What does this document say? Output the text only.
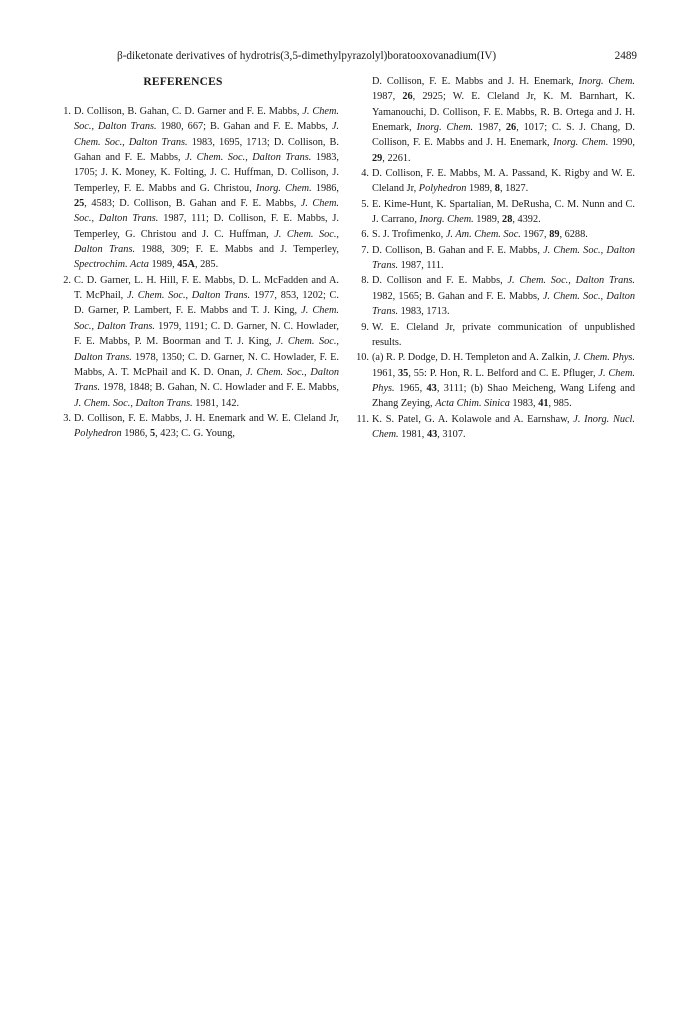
β-diketonate derivatives of hydrotris(3,5-dimethylpyrazolyl)boratooxovanadium(IV)	2489

REFERENCES

1. D. Collison, B. Gahan, C. D. Garner and F. E. Mabbs, J. Chem. Soc., Dalton Trans. 1980, 667; B. Gahan and F. E. Mabbs, J. Chem. Soc., Dalton Trans. 1983, 1695, 1713; D. Collison, B. Gahan and F. E. Mabbs, J. Chem. Soc., Dalton Trans. 1983, 1705; J. K. Money, K. Folting, J. C. Huffman, D. Collison, J. Temperley, F. E. Mabbs and G. Christou, Inorg. Chem. 1986, 25, 4583; D. Collison, B. Gahan and F. E. Mabbs, J. Chem. Soc., Dalton Trans. 1987, 111; D. Collison, F. E. Mabbs, J. Temperley, G. Christou and J. C. Huffman, J. Chem. Soc., Dalton Trans. 1988, 309; F. E. Mabbs and J. Temperley, Spectrochim. Acta 1989, 45A, 285.

2. C. D. Garner, L. H. Hill, F. E. Mabbs, D. L. McFadden and A. T. McPhail, J. Chem. Soc., Dalton Trans. 1977, 853, 1202; C. D. Garner, P. Lambert, F. E. Mabbs and T. J. King, J. Chem. Soc., Dalton Trans. 1979, 1191; C. D. Garner, N. C. Howlader, F. E. Mabbs, P. M. Boorman and T. J. King, J. Chem. Soc., Dalton Trans. 1978, 1350; C. D. Garner, N. C. Howlader, F. E. Mabbs, A. T. McPhail and K. D. Onan, J. Chem. Soc., Dalton Trans. 1978, 1848; B. Gahan, N. C. Howlader and F. E. Mabbs, J. Chem. Soc., Dalton Trans. 1981, 142.

3. D. Collison, F. E. Mabbs, J. H. Enemark and W. E. Cleland Jr, Polyhedron 1986, 5, 423; C. G. Young,

D. Collison, F. E. Mabbs and J. H. Enemark, Inorg. Chem. 1987, 26, 2925; W. E. Cleland Jr, K. M. Barnhart, K. Yamanouchi, D. Collison, F. E. Mabbs, R. B. Ortega and J. H. Enemark, Inorg. Chem. 1987, 26, 1017; C. S. J. Chang, D. Collison, F. E. Mabbs and J. H. Enemark, Inorg. Chem. 1990, 29, 2261.

4. D. Collison, F. E. Mabbs, M. A. Passand, K. Rigby and W. E. Cleland Jr, Polyhedron 1989, 8, 1827.

5. E. Kime-Hunt, K. Spartalian, M. DeRusha, C. M. Nunn and C. J. Carrano, Inorg. Chem. 1989, 28, 4392.

6. S. J. Trofimenko, J. Am. Chem. Soc. 1967, 89, 6288.

7. D. Collison, B. Gahan and F. E. Mabbs, J. Chem. Soc., Dalton Trans. 1987, 111.

8. D. Collison and F. E. Mabbs, J. Chem. Soc., Dalton Trans. 1982, 1565; B. Gahan and F. E. Mabbs, J. Chem. Soc., Dalton Trans. 1983, 1713.

9. W. E. Cleland Jr, private communication of unpublished results.

10. (a) R. P. Dodge, D. H. Templeton and A. Zalkin, J. Chem. Phys. 1961, 35, 55: P. Hon, R. L. Belford and C. E. Pfluger, J. Chem. Phys. 1965, 43, 3111; (b) Shao Meicheng, Wang Lifeng and Zhang Zeying, Acta Chim. Sinica 1983, 41, 985.

11. K. S. Patel, G. A. Kolawole and A. Earnshaw, J. Inorg. Nucl. Chem. 1981, 43, 3107.
